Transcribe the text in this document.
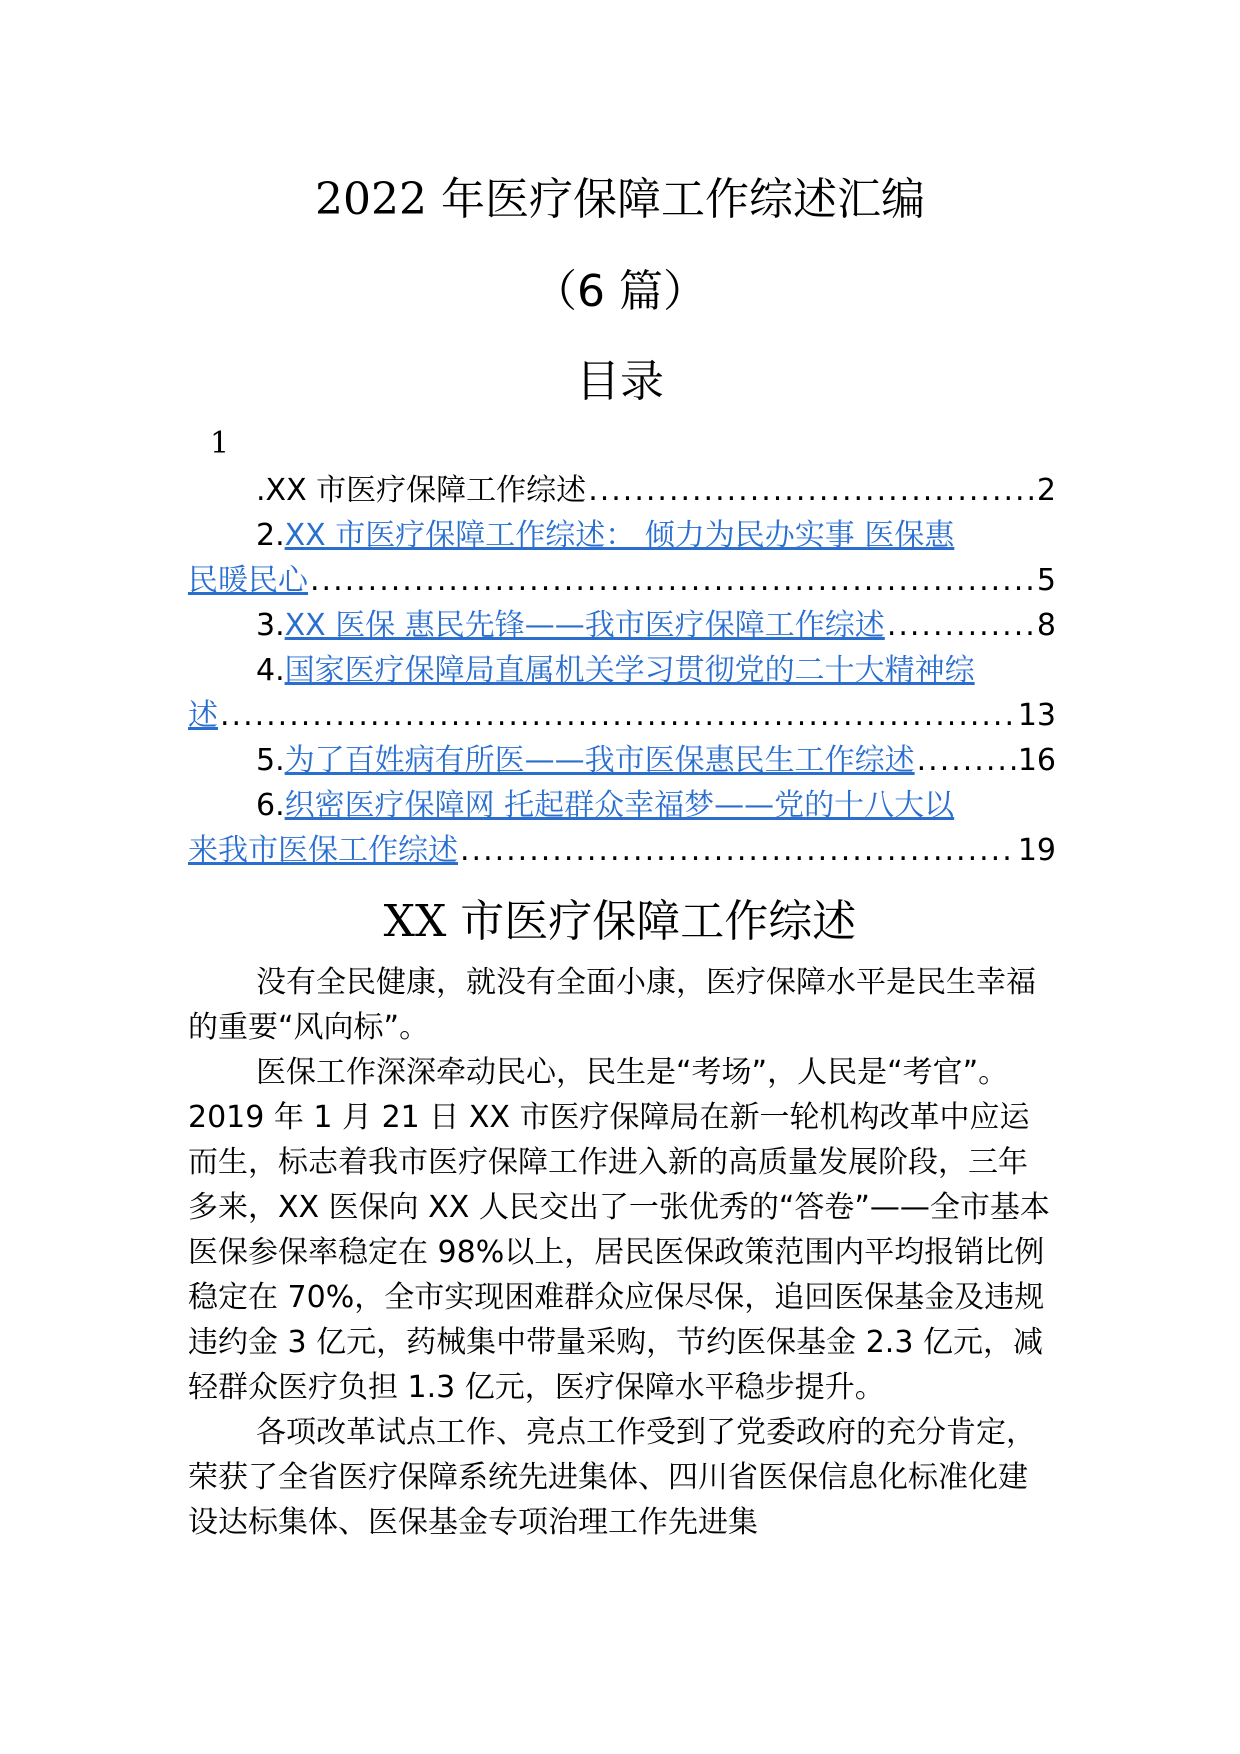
2022 年医疗保障工作综述汇编
（6 篇）
目录
1
.XX 市医疗保障工作综述 .....	2
2. XX 市医疗保障工作综述： 倾力为民办实事 医保惠
民暖民心 .....	5
3. XX 医保 惠民先锋——我市医疗保障工作综述 .....	8
4. 国家医疗保障局直属机关学习贯彻党的二十大精神综
述 .....	13
5. 为了百姓病有所医——我市医保惠民生工作综述 .....	16
6. 织密医疗保障网 托起群众幸福梦——党的十八大以
来我市医保工作综述 .....	19
XX 市医疗保障工作综述

没有全民健康，就没有全面小康，医疗保障水平是民生幸福的重要“风向标”。

医保工作深深牵动民心，民生是“考场”，人民是“考官”。2019 年 1 月 21 日 XX 市医疗保障局在新一轮机构改革中应运而生，标志着我市医疗保障工作进入新的高质量发展阶段，三年多来，XX 医保向 XX 人民交出了一张优秀的“答卷”——全市基本医保参保率稳定在 98%以上，居民医保政策范围内平均报销比例稳定在 70%，全市实现困难群众应保尽保，追回医保基金及违规违约金 3 亿元，药械集中带量采购，节约医保基金 2.3 亿元，减轻群众医疗负担 1.3 亿元，医疗保障水平稳步提升。

各项改革试点工作、亮点工作受到了党委政府的充分肯定，荣获了全省医疗保障系统先进集体、四川省医保信息化标准化建设达标集体、医保基金专项治理工作先进集
